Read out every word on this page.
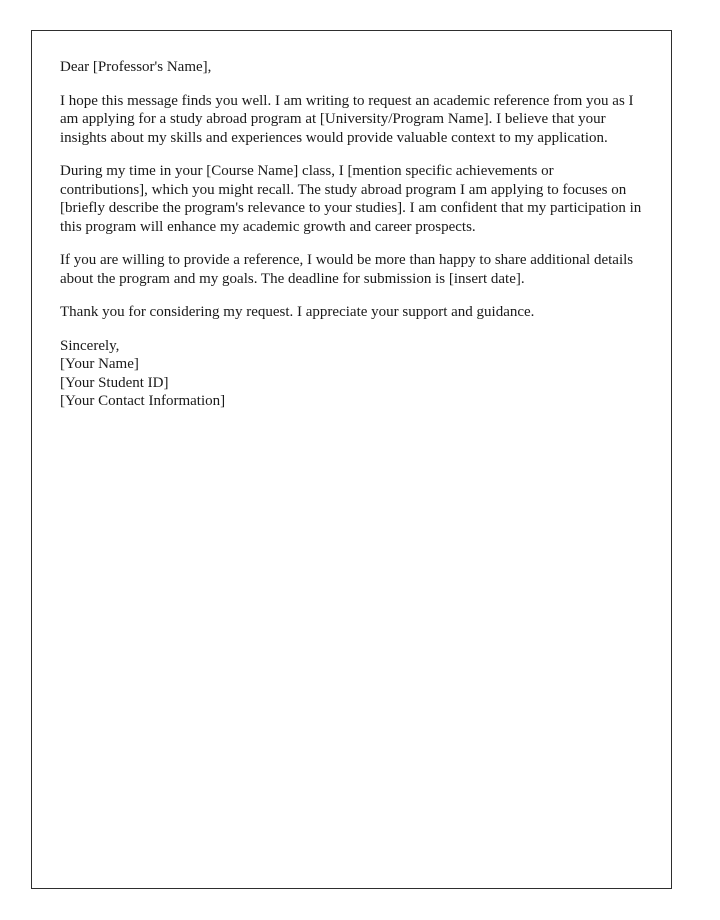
Dear [Professor's Name],

I hope this message finds you well. I am writing to request an academic reference from you as I am applying for a study abroad program at [University/Program Name]. I believe that your insights about my skills and experiences would provide valuable context to my application.

During my time in your [Course Name] class, I [mention specific achievements or contributions], which you might recall. The study abroad program I am applying to focuses on [briefly describe the program's relevance to your studies]. I am confident that my participation in this program will enhance my academic growth and career prospects.

If you are willing to provide a reference, I would be more than happy to share additional details about the program and my goals. The deadline for submission is [insert date].

Thank you for considering my request. I appreciate your support and guidance.

Sincerely,
[Your Name]
[Your Student ID]
[Your Contact Information]
